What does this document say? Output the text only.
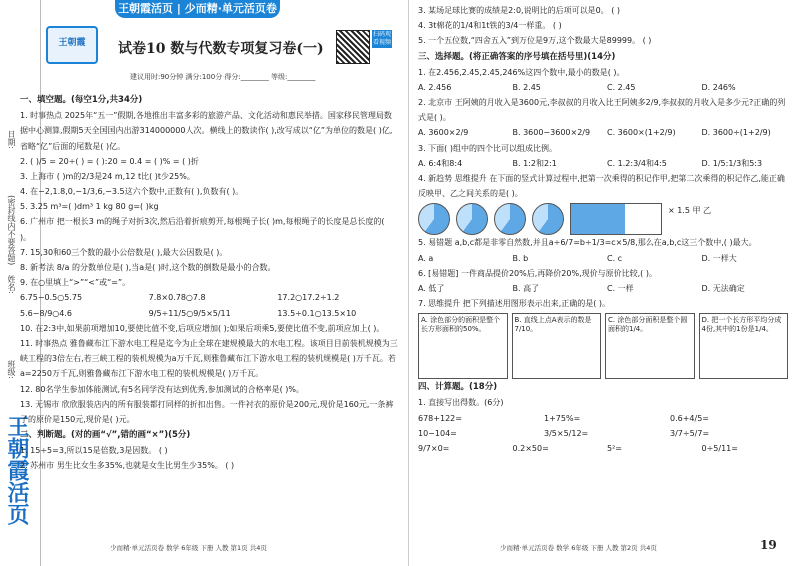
日期:
(密封线内不要答题)
姓名:
班级:
王朝霞活页
王朝霞活页 | 少而精·单元活页卷
王朝霞	试卷10 数与代数专项复习卷(一)
扫码观看视频
建议用时:90分钟 满分:100分 得分:________ 等级:________

一、填空题。(每空1分,共34分)

1. 时事热点 2025年“五一”假期,各地推出丰富多彩的旅游产品、文化活动和惠民举措。国家移民管理局数据中心测算,假期5天全国国内出游314000000人次。横线上的数读作( ),改写成以“亿”为单位的数是( )亿,省略“亿”后面的尾数是( )亿。

2. ( )/5 = 20÷( ) = ( ):20 = 0.4 = ( )% = ( )折

3. 上海市 ( )m的2/3是24 m,12 t比( )t少25%。

4. 在−2,1.8,0,−1/3,6,−3.5这六个数中,正数有( ),负数有( )。

5. 3.25 m³=( )dm³ 1 kg 80 g=( )kg

6. 广州市 把一根长3 m的绳子对折3次,然后沿着折痕剪开,每根绳子长( )m,每根绳子的长度是总长度的( )。

7. 15,30和60三个数的最小公倍数是( ),最大公因数是( )。

8. 新考法 8/a 的分数单位是( ),当a是( )时,这个数的倒数是最小的合数。

9. 在○里填上“>”“<”或“=”。

6.75−0.5○5.75	7.8×0.78○7.8	17.2○17.2÷1.2
5.6−8/9○4.6	9/5÷11/5○9/5×5/11	13.5÷0.1○13.5×10

10. 在2:3中,如果前项增加10,要使比值不变,后项应增加( );如果后项乘5,要使比值不变,前项应加上( )。

11. 时事热点 雅鲁藏布江下游水电工程是迄今为止全球在建规模最大的水电工程。该项目目前装机规模为三峡工程的3倍左右,若三峡工程的装机规模为a万千瓦,则雅鲁藏布江下游水电工程的装机规模是( )万千瓦。若a=2250万千瓦,则雅鲁藏布江下游水电工程的装机规模是( )万千瓦。

12. 80名学生参加体能测试,有5名同学没有达到优秀,参加测试的合格率是( )%。

13. 无锡市 欣欣服装店内的所有服装都打同样的折扣出售。一件衬衣的原价是200元,现价是160元,一条裤子的原价是150元,现价是( )元。

二、判断题。(对的画“√”,错的画“×”)(5分)

1. 15÷5=3,所以15是倍数,3是因数。 ( )

2. 苏州市 男生比女生多35%,也就是女生比男生少35%。 ( )

3. 某场足球比赛的成绩是2:0,说明比的后项可以是0。 ( )

4. 3t棉花的1/4和1t铁的3/4一样重。 ( )

5. 一个五位数,“四舍五入”到万位是9万,这个数最大是89999。 ( )

三、选择题。(将正确答案的序号填在括号里)(14分)

1. 在2.456,2.45,2.45,246%这四个数中,最小的数是( )。

A. 2.456	B. 2.45	C. 2.45	D. 246%

2. 北京市 王阿姨的月收入是3600元,李叔叔的月收入比王阿姨多2/9,李叔叔的月收入是多少元?正确的列式是( )。

A. 3600×2/9	B. 3600−3600×2/9	C. 3600×(1+2/9)	D. 3600÷(1+2/9)

3. 下面( )组中的四个比可以组成比例。

A. 6:4和8:4	B. 1:2和2:1	C. 1.2:3/4和4:5	D. 1/5:1/3和5:3

4. 新趋势 思维提升 在下面的竖式计算过程中,把第一次乘得的积记作甲,把第二次乘得的积记作乙,能正确反映甲、乙之间关系的是( )。

× 1.5 甲 乙

5. 易错题 a,b,c都是非零自然数,并且a÷6/7=b÷1/3=c×5/8,那么在a,b,c这三个数中,( )最大。

A. a	B. b	C. c	D. 一样大

6. [易错题] 一件商品提价20%后,再降价20%,现价与原价比较,( )。

A. 低了	B. 高了	C. 一样	D. 无法确定

7. 思维提升 把下列描述用图形表示出来,正确的是( )。

A. 涂色部分的面积是整个长方形面积的50%。
B. 直线上点A表示的数是7/10。
C. 涂色部分面积是整个圆面积的1/4。
D. 把一个长方形平均分成4份,其中的1份是1/4。

四、计算题。(18分)

1. 直接写出得数。(6分)

678+122=	1+75%=	0.6+4/5=
10−104=	3/5×5/12=	3/7÷5/7=
9/7×0=	0.2×50=	5²=	0÷5/11=
少而精·单元活页卷 数学 6年级 下册 人教 第1页 共4页	少而精·单元活页卷 数学 6年级 下册 人教 第2页 共4页	19
